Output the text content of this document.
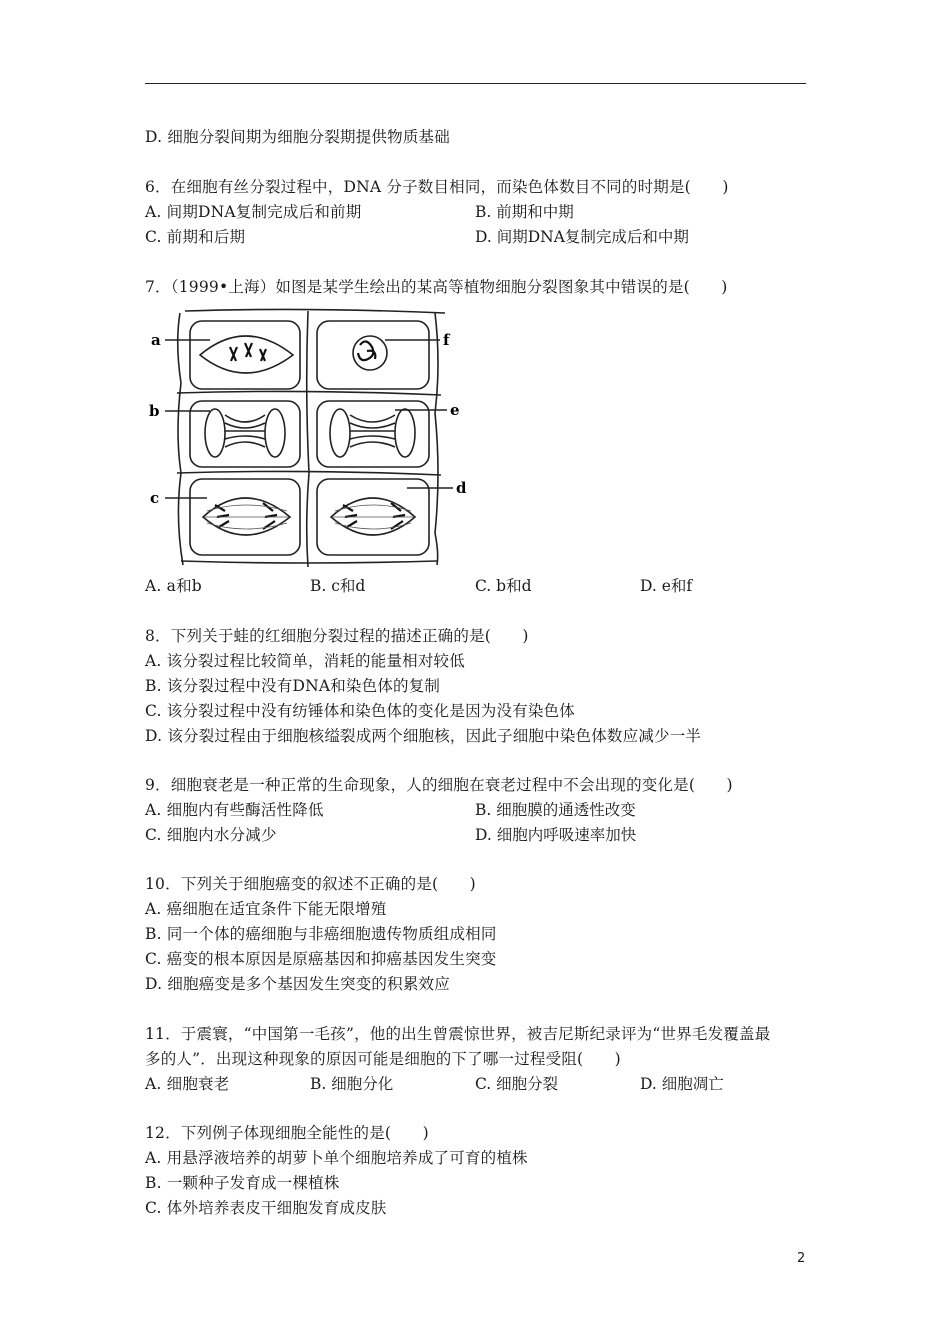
D. 细胞分裂间期为细胞分裂期提供物质基础
6．在细胞有丝分裂过程中，DNA 分子数目相同，而染色体数目不同的时期是(　　)
A. 间期DNA复制完成后和前期	B. 前期和中期
C. 前期和后期	D. 间期DNA复制完成后和中期
7．（1999•上海）如图是某学生绘出的某高等植物细胞分裂图象其中错误的是(　　)
a
b
c
d
e
f
A. a和b	B. c和d	C. b和d	D. e和f
8．下列关于蛙的红细胞分裂过程的描述正确的是(　　)
A. 该分裂过程比较简单，消耗的能量相对较低
B. 该分裂过程中没有DNA和染色体的复制
C. 该分裂过程中没有纺锤体和染色体的变化是因为没有染色体
D. 该分裂过程由于细胞核缢裂成两个细胞核，因此子细胞中染色体数应减少一半
9．细胞衰老是一种正常的生命现象，人的细胞在衰老过程中不会出现的变化是(　　)
A. 细胞内有些酶活性降低	B. 细胞膜的通透性改变
C. 细胞内水分减少	D. 细胞内呼吸速率加快
10．下列关于细胞癌变的叙述不正确的是(　　)
A. 癌细胞在适宜条件下能无限增殖
B. 同一个体的癌细胞与非癌细胞遗传物质组成相同
C. 癌变的根本原因是原癌基因和抑癌基因发生突变
D. 细胞癌变是多个基因发生突变的积累效应
11．于震寰，“中国第一毛孩”，他的出生曾震惊世界，被吉尼斯纪录评为“世界毛发覆盖最
多的人”．出现这种现象的原因可能是细胞的下了哪一过程受阻(　　)
A. 细胞衰老	B. 细胞分化	C. 细胞分裂	D. 细胞凋亡
12．下列例子体现细胞全能性的是(　　)
A. 用悬浮液培养的胡萝卜单个细胞培养成了可育的植株
B. 一颗种子发育成一棵植株
C. 体外培养表皮干细胞发育成皮肤
2
